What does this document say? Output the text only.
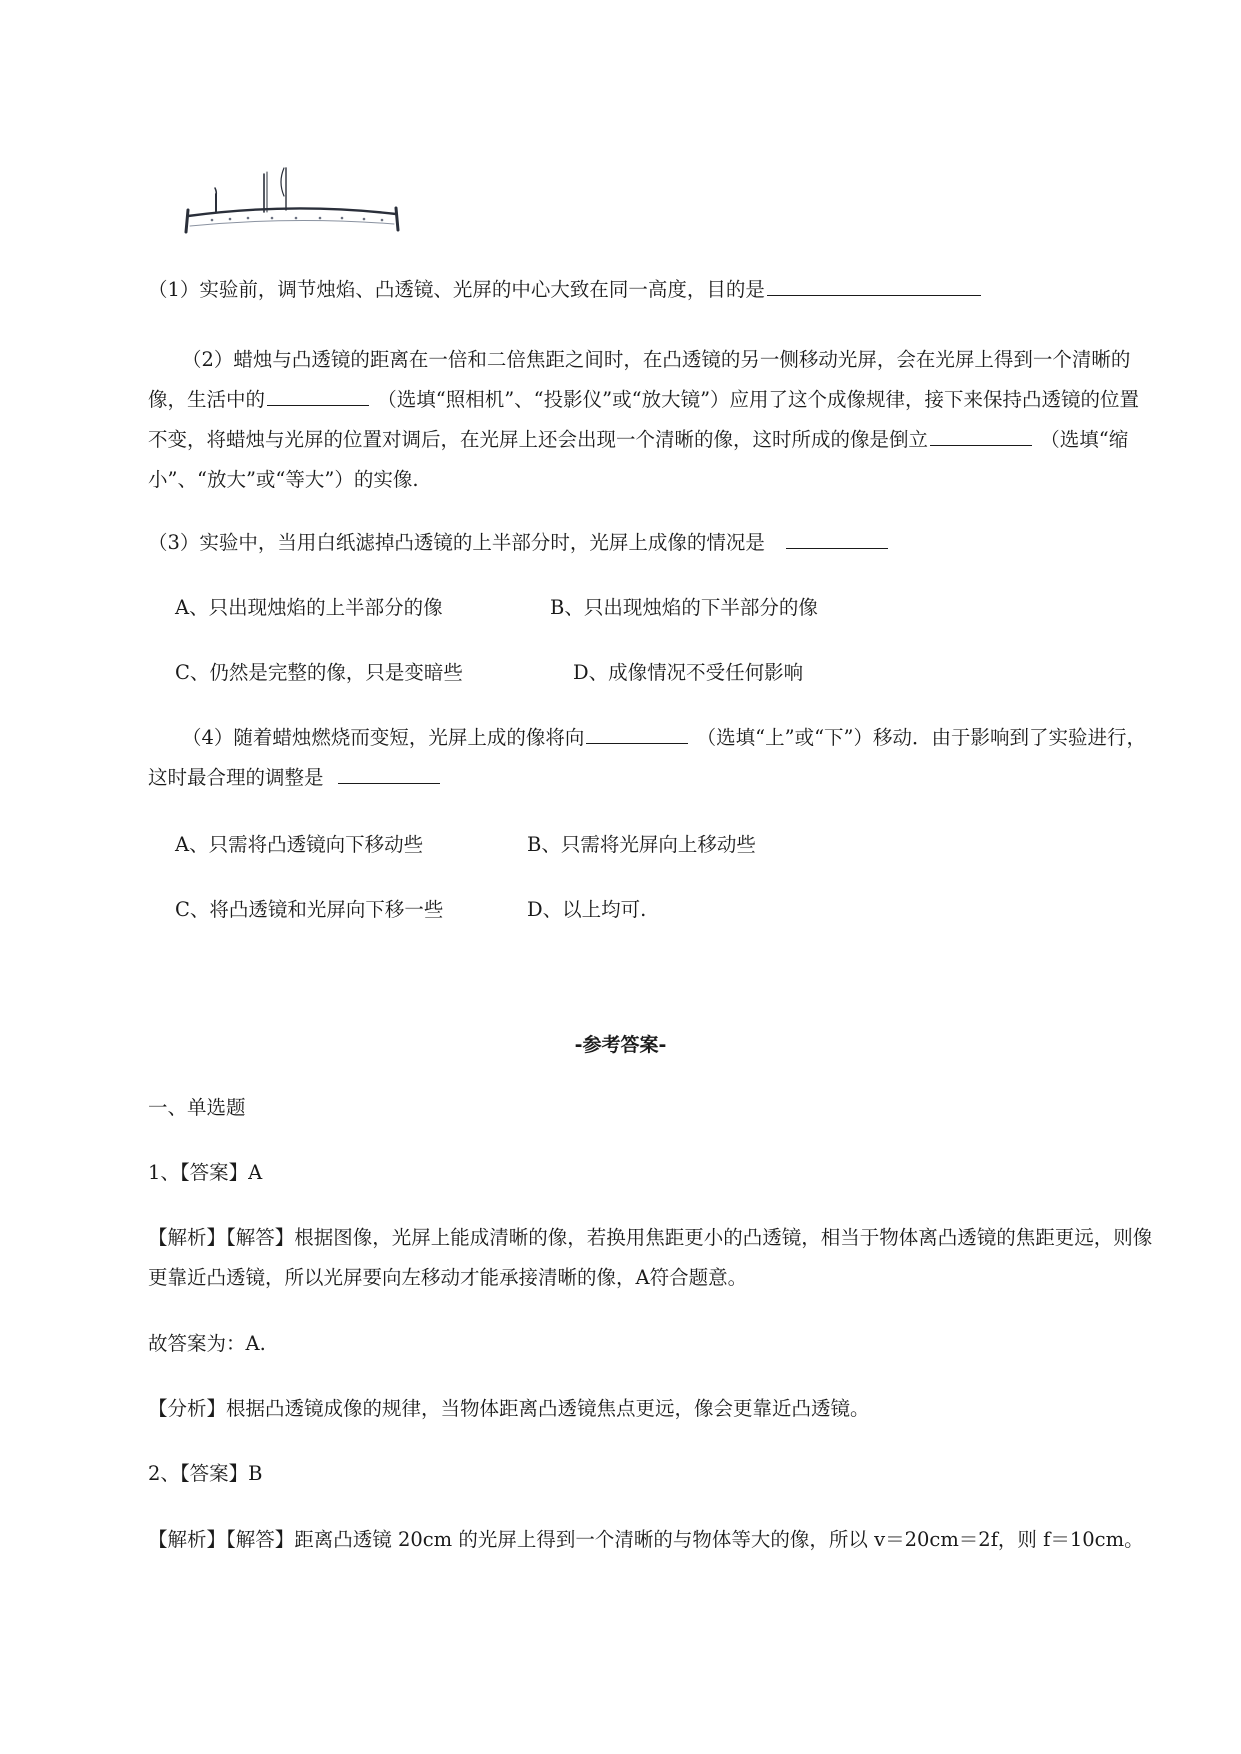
（1）实验前，调节烛焰、凸透镜、光屏的中心大致在同一高度，目的是

（2）蜡烛与凸透镜的距离在一倍和二倍焦距之间时，在凸透镜的另一侧移动光屏，会在光屏上得到一个清晰的像，生活中的	（选填“照相机”、“投影仪”或“放大镜”）应用了这个成像规律，接下来保持凸透镜的位置不变，将蜡烛与光屏的位置对调后，在光屏上还会出现一个清晰的像，这时所成的像是倒立	（选填“缩小”、“放大”或“等大”）的实像.

（3）实验中，当用白纸滤掉凸透镜的上半部分时，光屏上成像的情况是

A、只出现烛焰的上半部分的像	B、只出现烛焰的下半部分的像
C、仍然是完整的像，只是变暗些	D、成像情况不受任何影响

（4）随着蜡烛燃烧而变短，光屏上成的像将向	（选填“上”或“下”）移动．由于影响到了实验进行，这时最合理的调整是

A、只需将凸透镜向下移动些	B、只需将光屏向上移动些
C、将凸透镜和光屏向下移一些	D、以上均可.
-参考答案-

一、单选题

1、【答案】A

【解析】【解答】根据图像，光屏上能成清晰的像，若换用焦距更小的凸透镜，相当于物体离凸透镜的焦距更远，则像更靠近凸透镜，所以光屏要向左移动才能承接清晰的像，A符合题意。

故答案为：A.

【分析】根据凸透镜成像的规律，当物体距离凸透镜焦点更远，像会更靠近凸透镜。

2、【答案】B

【解析】【解答】距离凸透镜 20cm 的光屏上得到一个清晰的与物体等大的像，所以 v＝20cm＝2f，则 f＝10cm。
